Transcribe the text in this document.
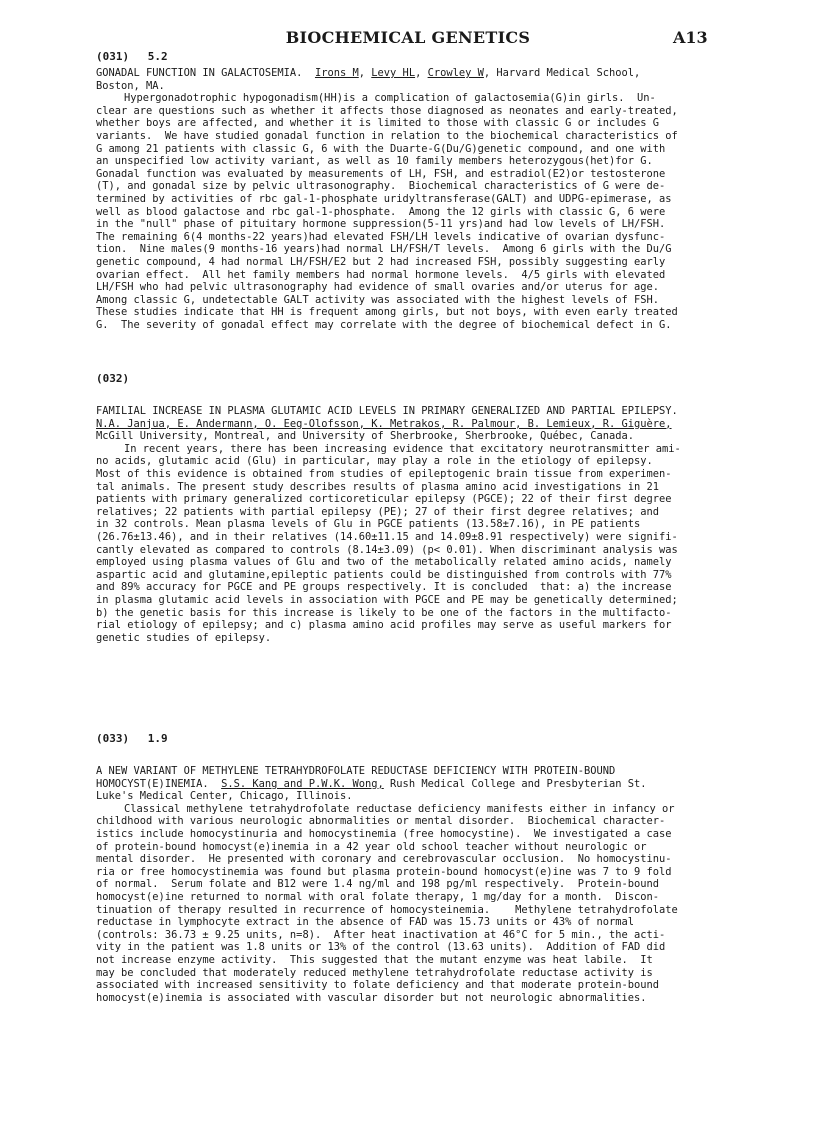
BIOCHEMICAL GENETICS	A13
(031) 5.2
GONADAL FUNCTION IN GALACTOSEMIA. Irons M, Levy HL, Crowley W, Harvard Medical School,
Boston, MA.
Hypergonadotrophic hypogonadism(HH)is a complication of galactosemia(G)in girls.  Un-
clear are questions such as whether it affects those diagnosed as neonates and early-treated,
whether boys are affected, and whether it is limited to those with classic G or includes G
variants.  We have studied gonadal function in relation to the biochemical characteristics of
G among 21 patients with classic G, 6 with the Duarte-G(Du/G)genetic compound, and one with
an unspecified low activity variant, as well as 10 family members heterozygous(het)for G.
Gonadal function was evaluated by measurements of LH, FSH, and estradiol(E2)or testosterone
(T), and gonadal size by pelvic ultrasonography.  Biochemical characteristics of G were de-
termined by activities of rbc gal-1-phosphate uridyltransferase(GALT) and UDPG-epimerase, as
well as blood galactose and rbc gal-1-phosphate.  Among the 12 girls with classic G, 6 were
in the "null" phase of pituitary hormone suppression(5-11 yrs)and had low levels of LH/FSH.
The remaining 6(4 months-22 years)had elevated FSH/LH levels indicative of ovarian dysfunc-
tion.  Nine males(9 months-16 years)had normal LH/FSH/T levels.  Among 6 girls with the Du/G
genetic compound, 4 had normal LH/FSH/E2 but 2 had increased FSH, possibly suggesting early
ovarian effect.  All het family members had normal hormone levels.  4/5 girls with elevated
LH/FSH who had pelvic ultrasonography had evidence of small ovaries and/or uterus for age.
Among classic G, undetectable GALT activity was associated with the highest levels of FSH.
These studies indicate that HH is frequent among girls, but not boys, with even early treated
G.  The severity of gonadal effect may correlate with the degree of biochemical defect in G.
(032)
FAMILIAL INCREASE IN PLASMA GLUTAMIC ACID LEVELS IN PRIMARY GENERALIZED AND PARTIAL EPILEPSY.
N.A. Janjua, E. Andermann, O. Eeg-Olofsson, K. Metrakos, R. Palmour, B. Lemieux, R. Giguère,
McGill University, Montreal, and University of Sherbrooke, Sherbrooke, Québec, Canada.
In recent years, there has been increasing evidence that excitatory neurotransmitter ami-
no acids, glutamic acid (Glu) in particular, may play a role in the etiology of epilepsy.
Most of this evidence is obtained from studies of epileptogenic brain tissue from experimen-
tal animals. The present study describes results of plasma amino acid investigations in 21
patients with primary generalized corticoreticular epilepsy (PGCE); 22 of their first degree
relatives; 22 patients with partial epilepsy (PE); 27 of their first degree relatives; and
in 32 controls. Mean plasma levels of Glu in PGCE patients (13.58±7.16), in PE patients
(26.76±13.46), and in their relatives (14.60±11.15 and 14.09±8.91 respectively) were signifi-
cantly elevated as compared to controls (8.14±3.09) (p< 0.01). When discriminant analysis was
employed using plasma values of Glu and two of the metabolically related amino acids, namely
aspartic acid and glutamine,epileptic patients could be distinguished from controls with 77%
and 89% accuracy for PGCE and PE groups respectively. It is concluded  that: a) the increase
in plasma glutamic acid levels in association with PGCE and PE may be genetically determined;
b) the genetic basis for this increase is likely to be one of the factors in the multifacto-
rial etiology of epilepsy; and c) plasma amino acid profiles may serve as useful markers for
genetic studies of epilepsy.
(033) 1.9
A NEW VARIANT OF METHYLENE TETRAHYDROFOLATE REDUCTASE DEFICIENCY WITH PROTEIN-BOUND
HOMOCYST(E)INEMIA. S.S. Kang and P.W.K. Wong, Rush Medical College and Presbyterian St.
Luke's Medical Center, Chicago, Illinois.
Classical methylene tetrahydrofolate reductase deficiency manifests either in infancy or
childhood with various neurologic abnormalities or mental disorder.  Biochemical character-
istics include homocystinuria and homocystinemia (free homocystine).  We investigated a case
of protein-bound homocyst(e)inemia in a 42 year old school teacher without neurologic or
mental disorder.  He presented with coronary and cerebrovascular occlusion.  No homocystinu-
ria or free homocystinemia was found but plasma protein-bound homocyst(e)ine was 7 to 9 fold
of normal.  Serum folate and B12 were 1.4 ng/ml and 198 pg/ml respectively.  Protein-bound
homocyst(e)ine returned to normal with oral folate therapy, 1 mg/day for a month.  Discon-
tinuation of therapy resulted in recurrence of homocysteinemia.    Methylene tetrahydrofolate
reductase in lymphocyte extract in the absence of FAD was 15.73 units or 43% of normal
(controls: 36.73 ± 9.25 units, n=8).  After heat inactivation at 46°C for 5 min., the acti-
vity in the patient was 1.8 units or 13% of the control (13.63 units).  Addition of FAD did
not increase enzyme activity.  This suggested that the mutant enzyme was heat labile.  It
may be concluded that moderately reduced methylene tetrahydrofolate reductase activity is
associated with increased sensitivity to folate deficiency and that moderate protein-bound
homocyst(e)inemia is associated with vascular disorder but not neurologic abnormalities.
